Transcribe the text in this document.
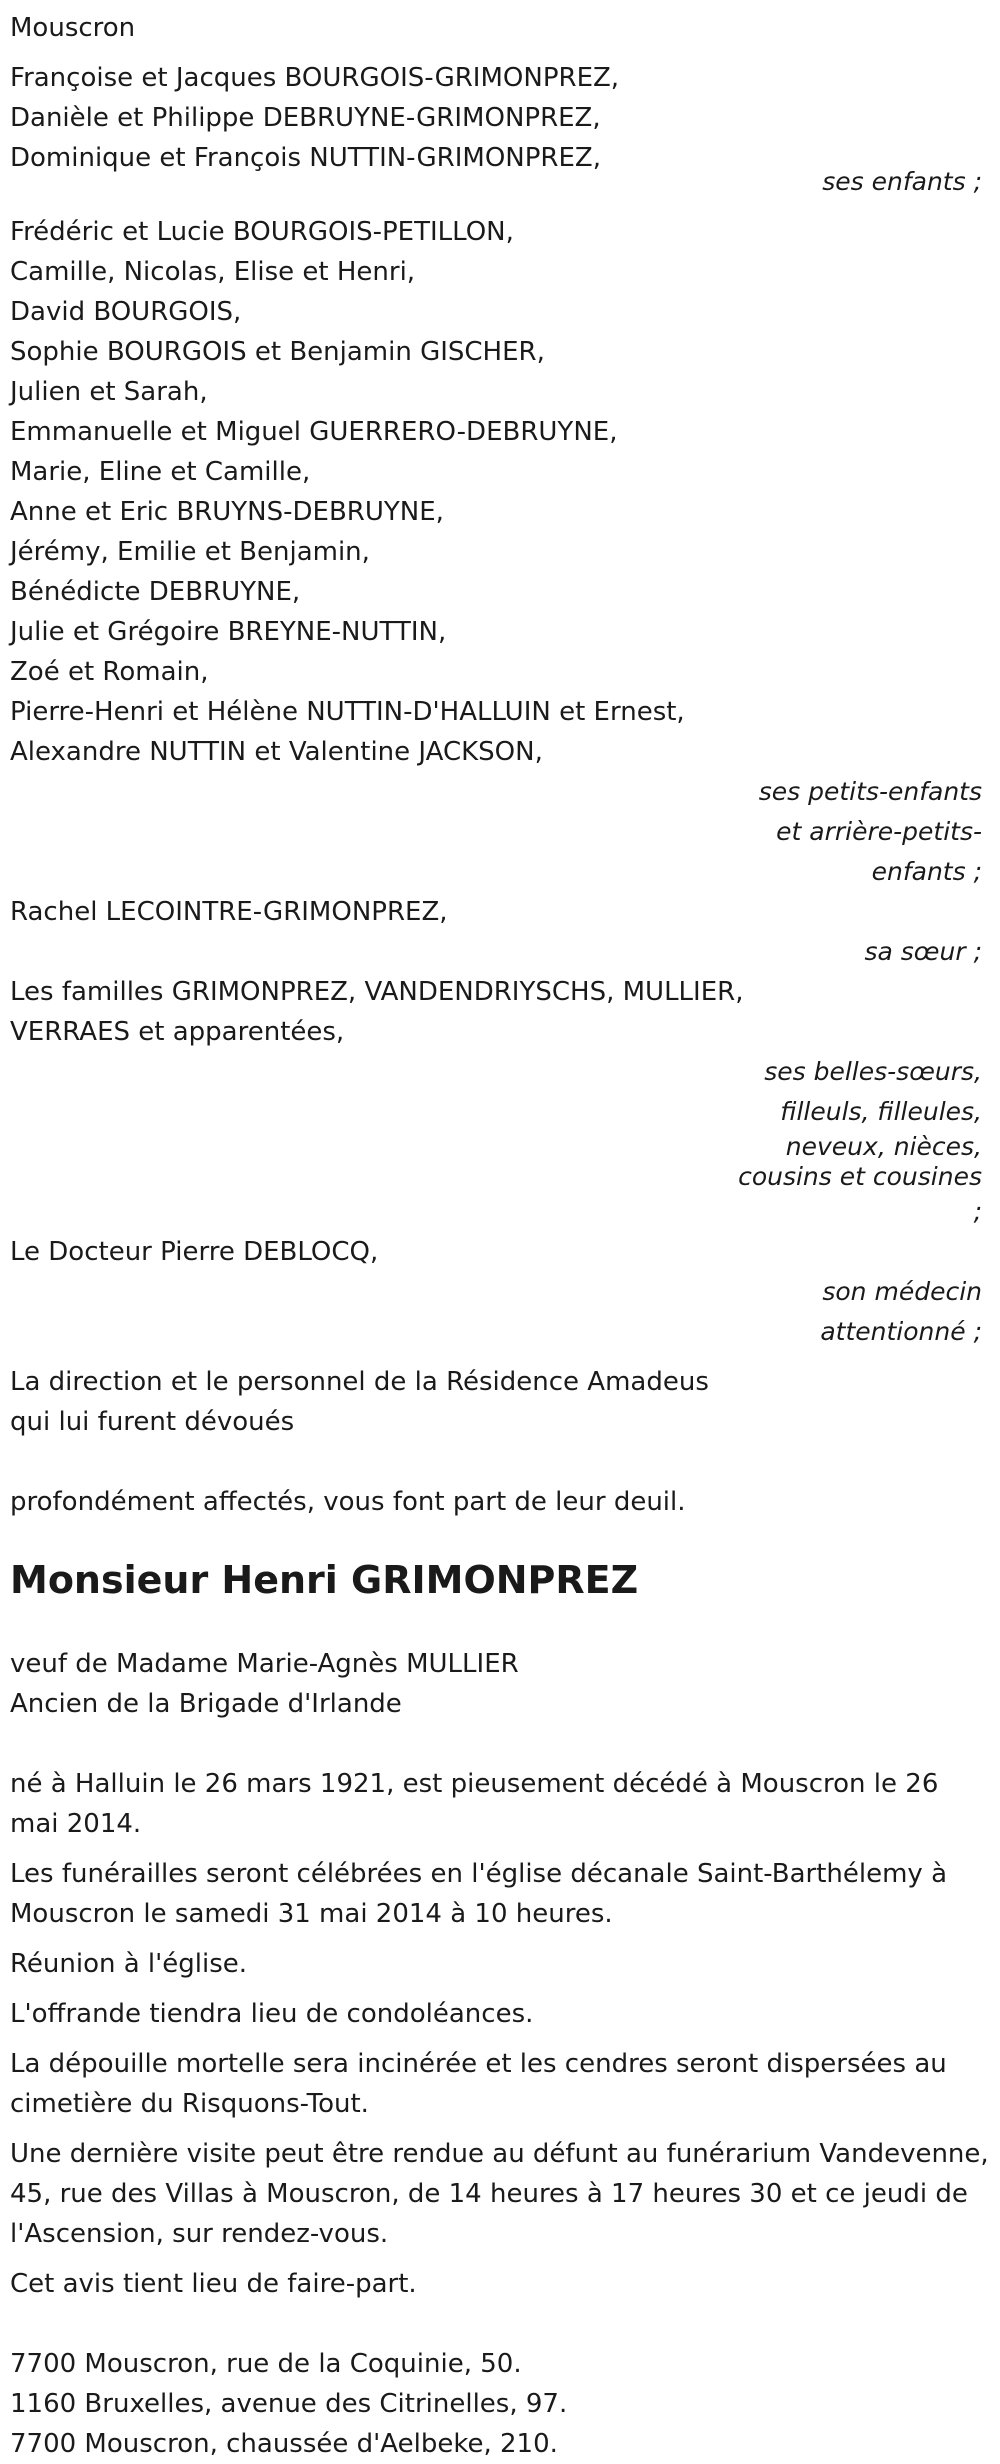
Mouscron
Françoise et Jacques BOURGOIS-GRIMONPREZ,
Danièle et Philippe DEBRUYNE-GRIMONPREZ,
Dominique et François NUTTIN-GRIMONPREZ,
ses enfants ;
Frédéric et Lucie BOURGOIS-PETILLON,
Camille, Nicolas, Elise et Henri,
David BOURGOIS,
Sophie BOURGOIS et Benjamin GISCHER,
Julien et Sarah,
Emmanuelle et Miguel GUERRERO-DEBRUYNE,
Marie, Eline et Camille,
Anne et Eric BRUYNS-DEBRUYNE,
Jérémy, Emilie et Benjamin,
Bénédicte DEBRUYNE,
Julie et Grégoire BREYNE-NUTTIN,
Zoé et Romain,
Pierre-Henri et Hélène NUTTIN-D'HALLUIN et Ernest,
Alexandre NUTTIN et Valentine JACKSON,
ses petits-enfants
et arrière-petits-
enfants ;
Rachel LECOINTRE-GRIMONPREZ,
sa sœur ;
Les familles GRIMONPREZ, VANDENDRIYSCHS, MULLIER,
VERRAES et apparentées,
ses belles-sœurs,
filleuls, filleules,
neveux, nièces,
cousins et cousines
;
Le Docteur Pierre DEBLOCQ,
son médecin
attentionné ;
La direction et le personnel de la Résidence Amadeus
qui lui furent dévoués
profondément affectés, vous font part de leur deuil.
Monsieur Henri GRIMONPREZ
veuf de Madame Marie-Agnès MULLIER
Ancien de la Brigade d'Irlande
né à Halluin le 26 mars 1921, est pieusement décédé à Mouscron le 26 mai 2014.
Les funérailles seront célébrées en l'église décanale Saint-Barthélemy à Mouscron le samedi 31 mai 2014 à 10 heures.
Réunion à l'église.
L'offrande tiendra lieu de condoléances.
La dépouille mortelle sera incinérée et les cendres seront dispersées au cimetière du Risquons-Tout.
Une dernière visite peut être rendue au défunt au funérarium Vandevenne, 45, rue des Villas à Mouscron, de 14 heures à 17 heures 30 et ce jeudi de l'Ascension, sur rendez-vous.
Cet avis tient lieu de faire-part.
7700 Mouscron, rue de la Coquinie, 50.
1160 Bruxelles, avenue des Citrinelles, 97.
7700 Mouscron, chaussée d'Aelbeke, 210.
